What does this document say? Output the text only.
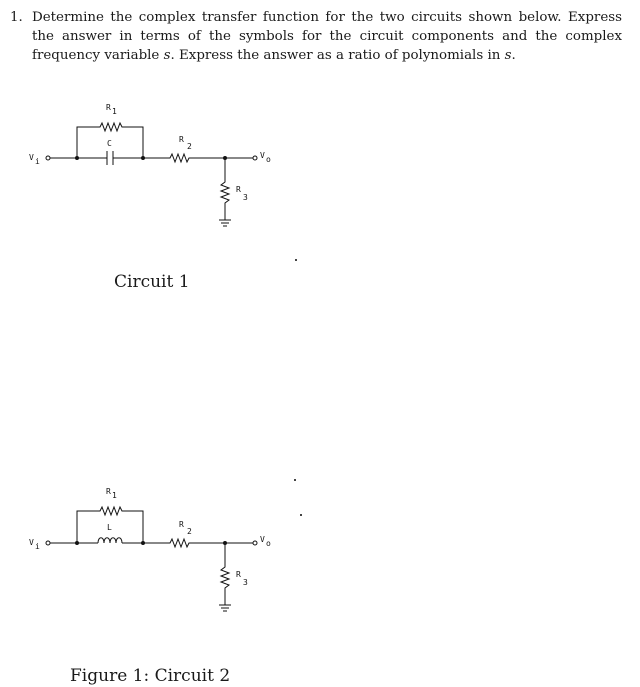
1. Determine the complex transfer function for the two circuits shown below. Express the answer in terms of the symbols for the circuit components and the complex frequency variable s. Express the answer as a ratio of polynomials in s.
R 1
C	R
2
R
3
V i
V o
Circuit 1
R 1
L	R
2
R
3
V i
V o
Figure 1: Circuit 2
